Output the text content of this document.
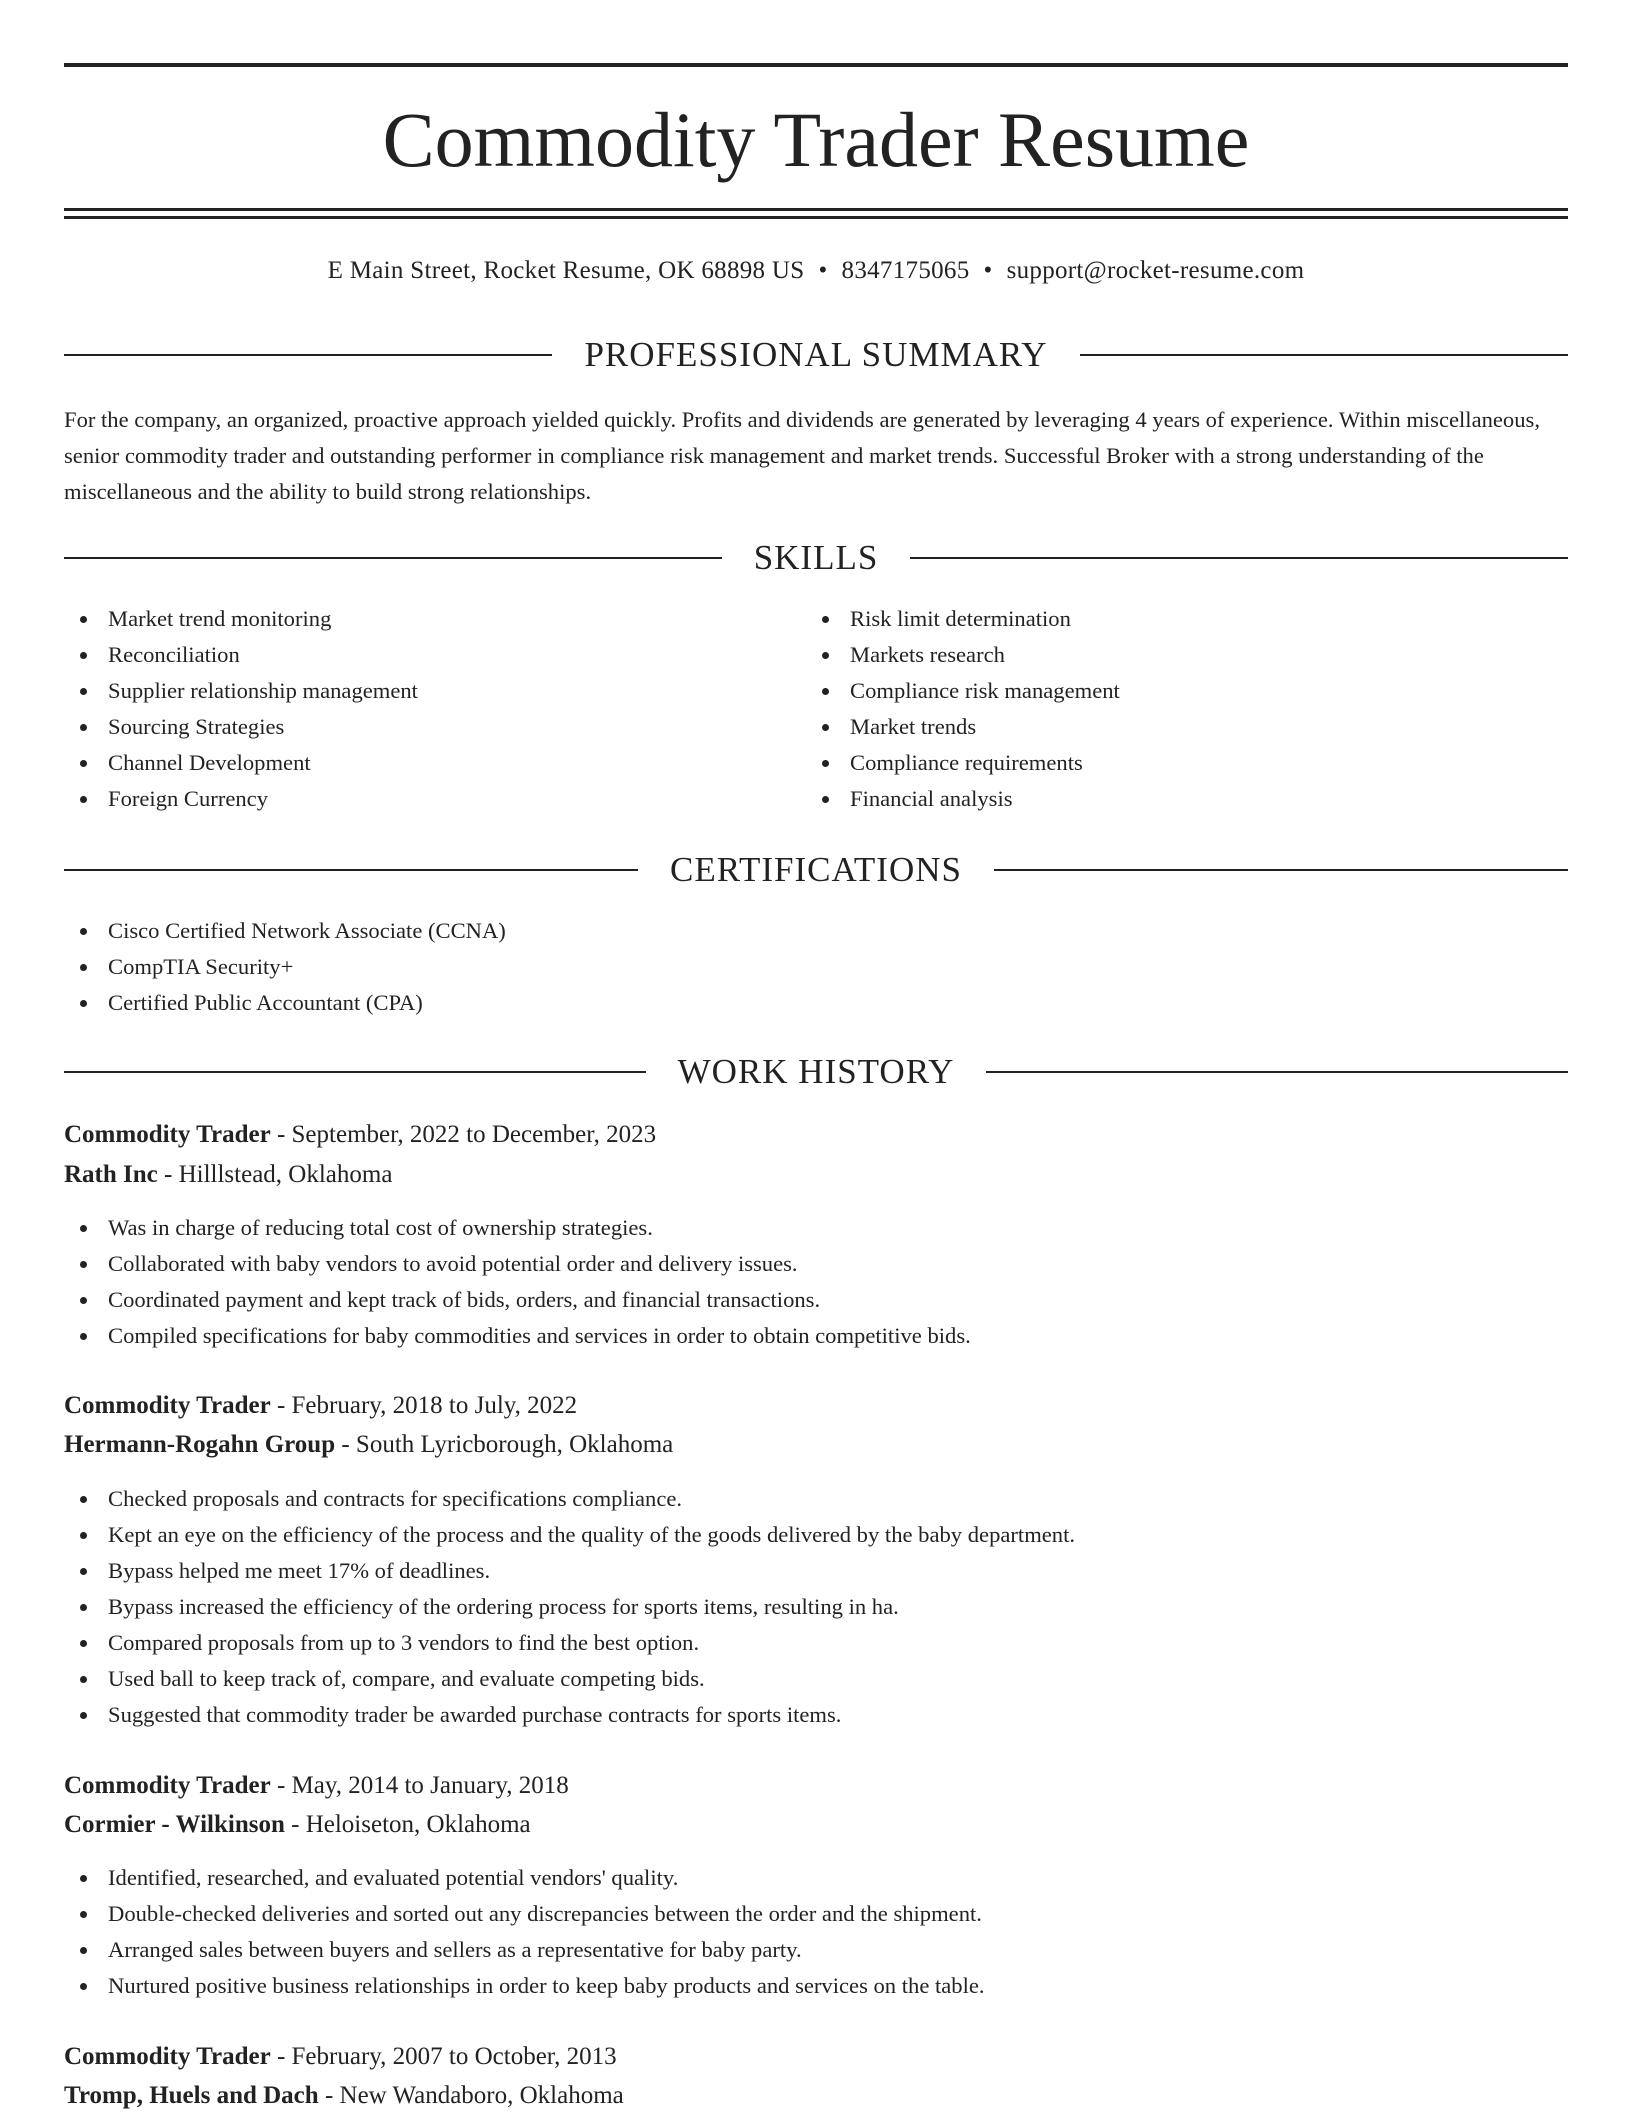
Commodity Trader Resume
E Main Street, Rocket Resume, OK 68898 US • 8347175065 • support@rocket-resume.com
PROFESSIONAL SUMMARY

For the company, an organized, proactive approach yielded quickly. Profits and dividends are generated by leveraging 4 years of experience. Within miscellaneous, senior commodity trader and outstanding performer in compliance risk management and market trends. Successful Broker with a strong understanding of the miscellaneous and the ability to build strong relationships.

SKILLS
Market trend monitoring
Reconciliation
Supplier relationship management
Sourcing Strategies
Channel Development
Foreign Currency
Risk limit determination
Markets research
Compliance risk management
Market trends
Compliance requirements
Financial analysis
CERTIFICATIONS
Cisco Certified Network Associate (CCNA)
CompTIA Security+
Certified Public Accountant (CPA)
WORK HISTORY
Commodity Trader - September, 2022 to December, 2023
Rath Inc - Hilllstead, Oklahoma
Was in charge of reducing total cost of ownership strategies.
Collaborated with baby vendors to avoid potential order and delivery issues.
Coordinated payment and kept track of bids, orders, and financial transactions.
Compiled specifications for baby commodities and services in order to obtain competitive bids.
Commodity Trader - February, 2018 to July, 2022
Hermann-Rogahn Group - South Lyricborough, Oklahoma
Checked proposals and contracts for specifications compliance.
Kept an eye on the efficiency of the process and the quality of the goods delivered by the baby department.
Bypass helped me meet 17% of deadlines.
Bypass increased the efficiency of the ordering process for sports items, resulting in ha.
Compared proposals from up to 3 vendors to find the best option.
Used ball to keep track of, compare, and evaluate competing bids.
Suggested that commodity trader be awarded purchase contracts for sports items.
Commodity Trader - May, 2014 to January, 2018
Cormier - Wilkinson - Heloiseton, Oklahoma
Identified, researched, and evaluated potential vendors' quality.
Double-checked deliveries and sorted out any discrepancies between the order and the shipment.
Arranged sales between buyers and sellers as a representative for baby party.
Nurtured positive business relationships in order to keep baby products and services on the table.
Commodity Trader - February, 2007 to October, 2013
Tromp, Huels and Dach - New Wandaboro, Oklahoma
